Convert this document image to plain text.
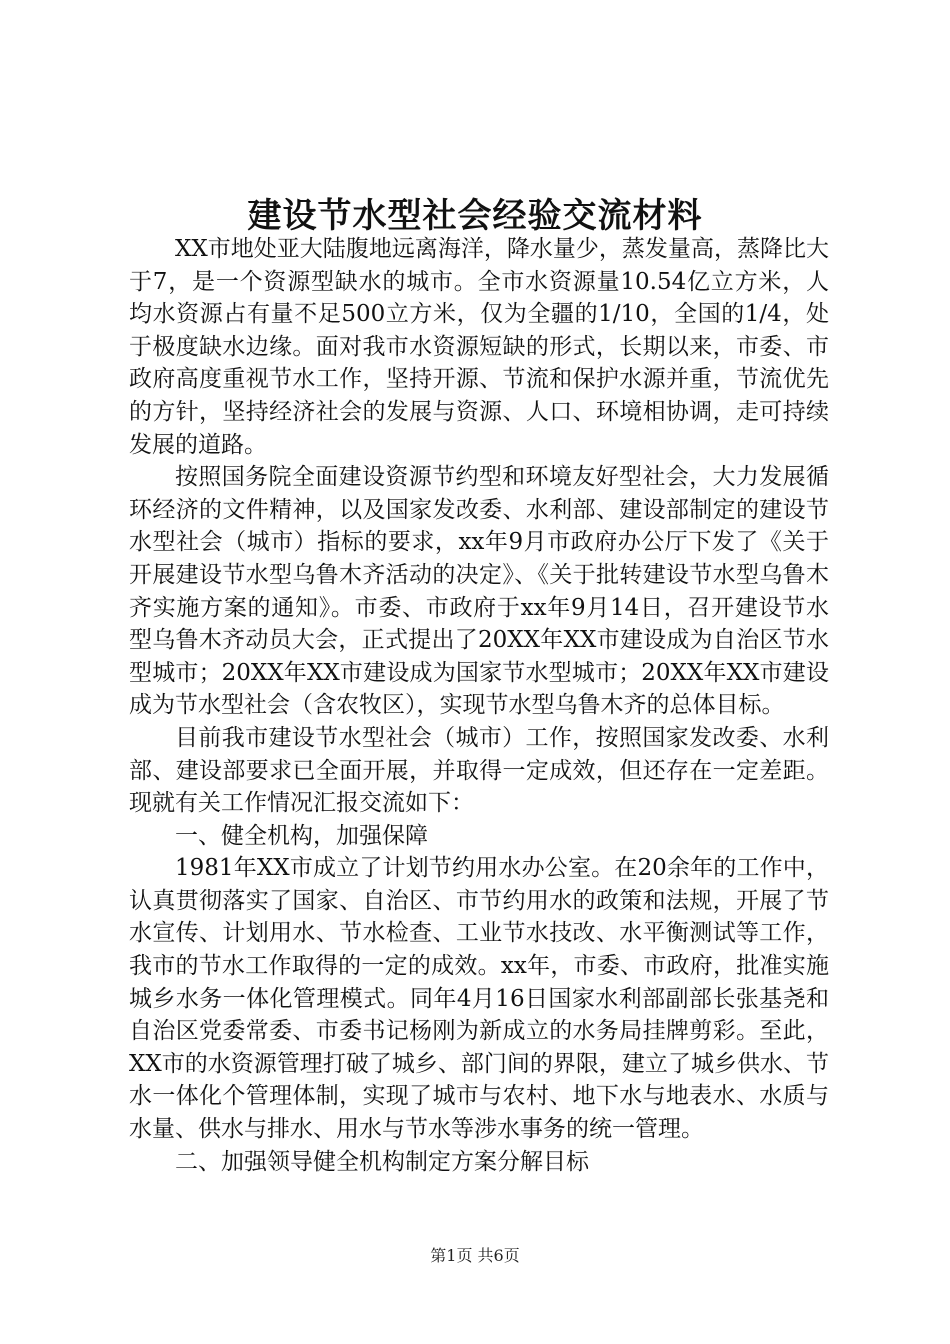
建设节水型社会经验交流材料

XX市地处亚大陆腹地远离海洋，降水量少，蒸发量高，蒸降比大于7，是一个资源型缺水的城市。全市水资源量10.54亿立方米，人均水资源占有量不足500立方米，仅为全疆的1/10，全国的1/4，处于极度缺水边缘。面对我市水资源短缺的形式，长期以来，市委、市政府高度重视节水工作，坚持开源、节流和保护水源并重，节流优先的方针，坚持经济社会的发展与资源、人口、环境相协调，走可持续发展的道路。

按照国务院全面建设资源节约型和环境友好型社会，大力发展循环经济的文件精神，以及国家发改委、水利部、建设部制定的建设节水型社会（城市）指标的要求，xx年9月市政府办公厅下发了《关于开展建设节水型乌鲁木齐活动的决定》、《关于批转建设节水型乌鲁木齐实施方案的通知》。市委、市政府于xx年9月14日，召开建设节水型乌鲁木齐动员大会，正式提出了20XX年XX市建设成为自治区节水型城市；20XX年XX市建设成为国家节水型城市；20XX年XX市建设成为节水型社会（含农牧区），实现节水型乌鲁木齐的总体目标。

目前我市建设节水型社会（城市）工作，按照国家发改委、水利部、建设部要求已全面开展，并取得一定成效，但还存在一定差距。现就有关工作情况汇报交流如下：

一、健全机构，加强保障

1981年XX市成立了计划节约用水办公室。在20余年的工作中，认真贯彻落实了国家、自治区、市节约用水的政策和法规，开展了节水宣传、计划用水、节水检查、工业节水技改、水平衡测试等工作，我市的节水工作取得的一定的成效。xx年，市委、市政府，批准实施城乡水务一体化管理模式。同年4月16日国家水利部副部长张基尧和自治区党委常委、市委书记杨刚为新成立的水务局挂牌剪彩。至此，XX市的水资源管理打破了城乡、部门间的界限，建立了城乡供水、节水一体化个管理体制，实现了城市与农村、地下水与地表水、水质与水量、供水与排水、用水与节水等涉水事务的统一管理。

二、加强领导健全机构制定方案分解目标

第1页 共6页
